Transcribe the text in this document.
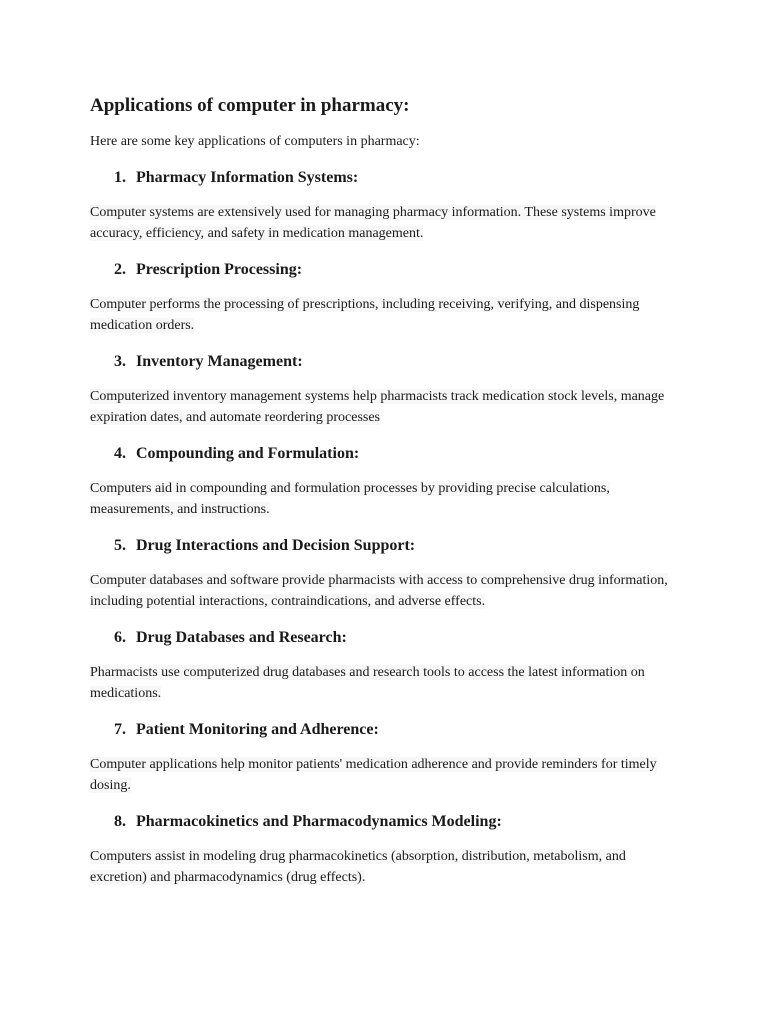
Applications of computer in pharmacy:

Here are some key applications of computers in pharmacy:

1. Pharmacy Information Systems:

Computer systems are extensively used for managing pharmacy information. These systems improve accuracy, efficiency, and safety in medication management.

2. Prescription Processing:

Computer performs the processing of prescriptions, including receiving, verifying, and dispensing medication orders.

3. Inventory Management:

Computerized inventory management systems help pharmacists track medication stock levels, manage expiration dates, and automate reordering processes

4. Compounding and Formulation:

Computers aid in compounding and formulation processes by providing precise calculations, measurements, and instructions.

5. Drug Interactions and Decision Support:

Computer databases and software provide pharmacists with access to comprehensive drug information, including potential interactions, contraindications, and adverse effects.

6. Drug Databases and Research:

Pharmacists use computerized drug databases and research tools to access the latest information on medications.

7. Patient Monitoring and Adherence:

Computer applications help monitor patients' medication adherence and provide reminders for timely dosing.

8. Pharmacokinetics and Pharmacodynamics Modeling:

Computers assist in modeling drug pharmacokinetics (absorption, distribution, metabolism, and excretion) and pharmacodynamics (drug effects).
